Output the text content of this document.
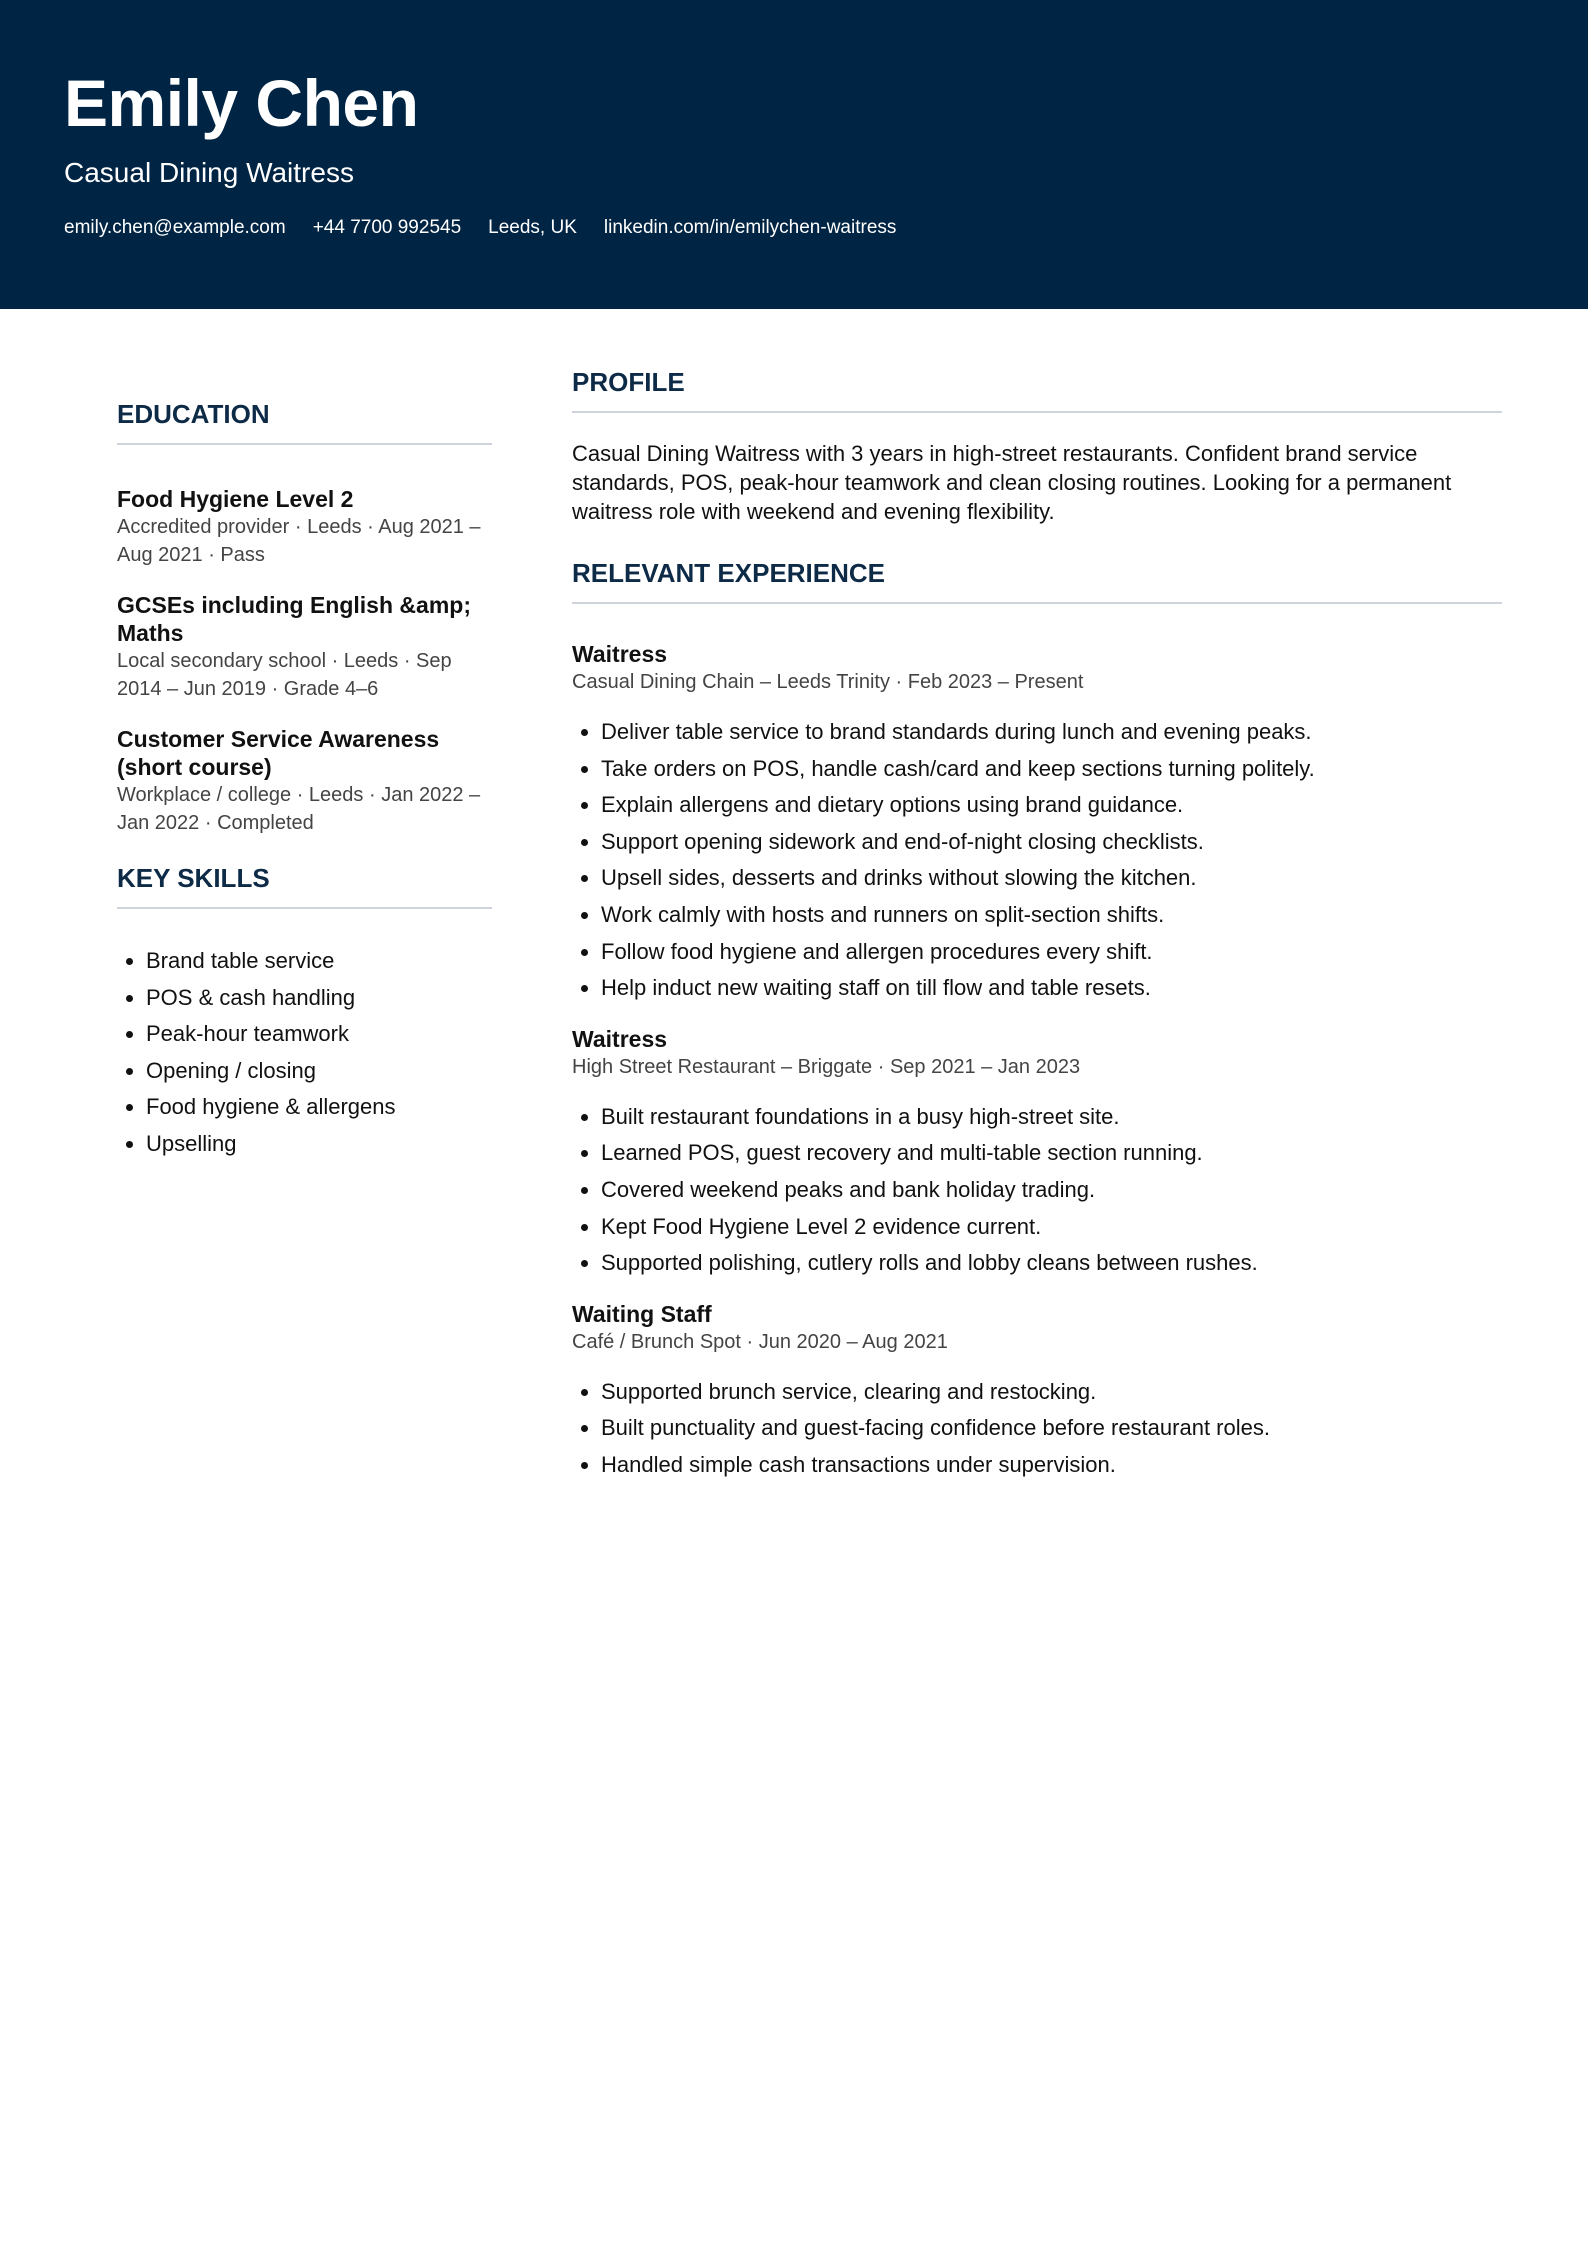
Emily Chen
Casual Dining Waitress
emily.chen@example.com +44 7700 992545 Leeds, UK linkedin.com/in/emilychen-waitress
EDUCATION
Food Hygiene Level 2
Accredited provider · Leeds · Aug 2021 – Aug 2021 · Pass
GCSEs including English &amp; Maths
Local secondary school · Leeds · Sep 2014 – Jun 2019 · Grade 4–6
Customer Service Awareness (short course)
Workplace / college · Leeds · Jan 2022 – Jan 2022 · Completed
KEY SKILLS
• Brand table service
• POS & cash handling
• Peak-hour teamwork
• Opening / closing
• Food hygiene & allergens
• Upselling
PROFILE

Casual Dining Waitress with 3 years in high-street restaurants. Confident brand service standards, POS, peak-hour teamwork and clean closing routines. Looking for a permanent waitress role with weekend and evening flexibility.

RELEVANT EXPERIENCE
Waitress
Casual Dining Chain – Leeds Trinity · Feb 2023 – Present
• Deliver table service to brand standards during lunch and evening peaks.
• Take orders on POS, handle cash/card and keep sections turning politely.
• Explain allergens and dietary options using brand guidance.
• Support opening sidework and end-of-night closing checklists.
• Upsell sides, desserts and drinks without slowing the kitchen.
• Work calmly with hosts and runners on split-section shifts.
• Follow food hygiene and allergen procedures every shift.
• Help induct new waiting staff on till flow and table resets.
Waitress
High Street Restaurant – Briggate · Sep 2021 – Jan 2023
• Built restaurant foundations in a busy high-street site.
• Learned POS, guest recovery and multi-table section running.
• Covered weekend peaks and bank holiday trading.
• Kept Food Hygiene Level 2 evidence current.
• Supported polishing, cutlery rolls and lobby cleans between rushes.
Waiting Staff
Café / Brunch Spot · Jun 2020 – Aug 2021
• Supported brunch service, clearing and restocking.
• Built punctuality and guest-facing confidence before restaurant roles.
• Handled simple cash transactions under supervision.
